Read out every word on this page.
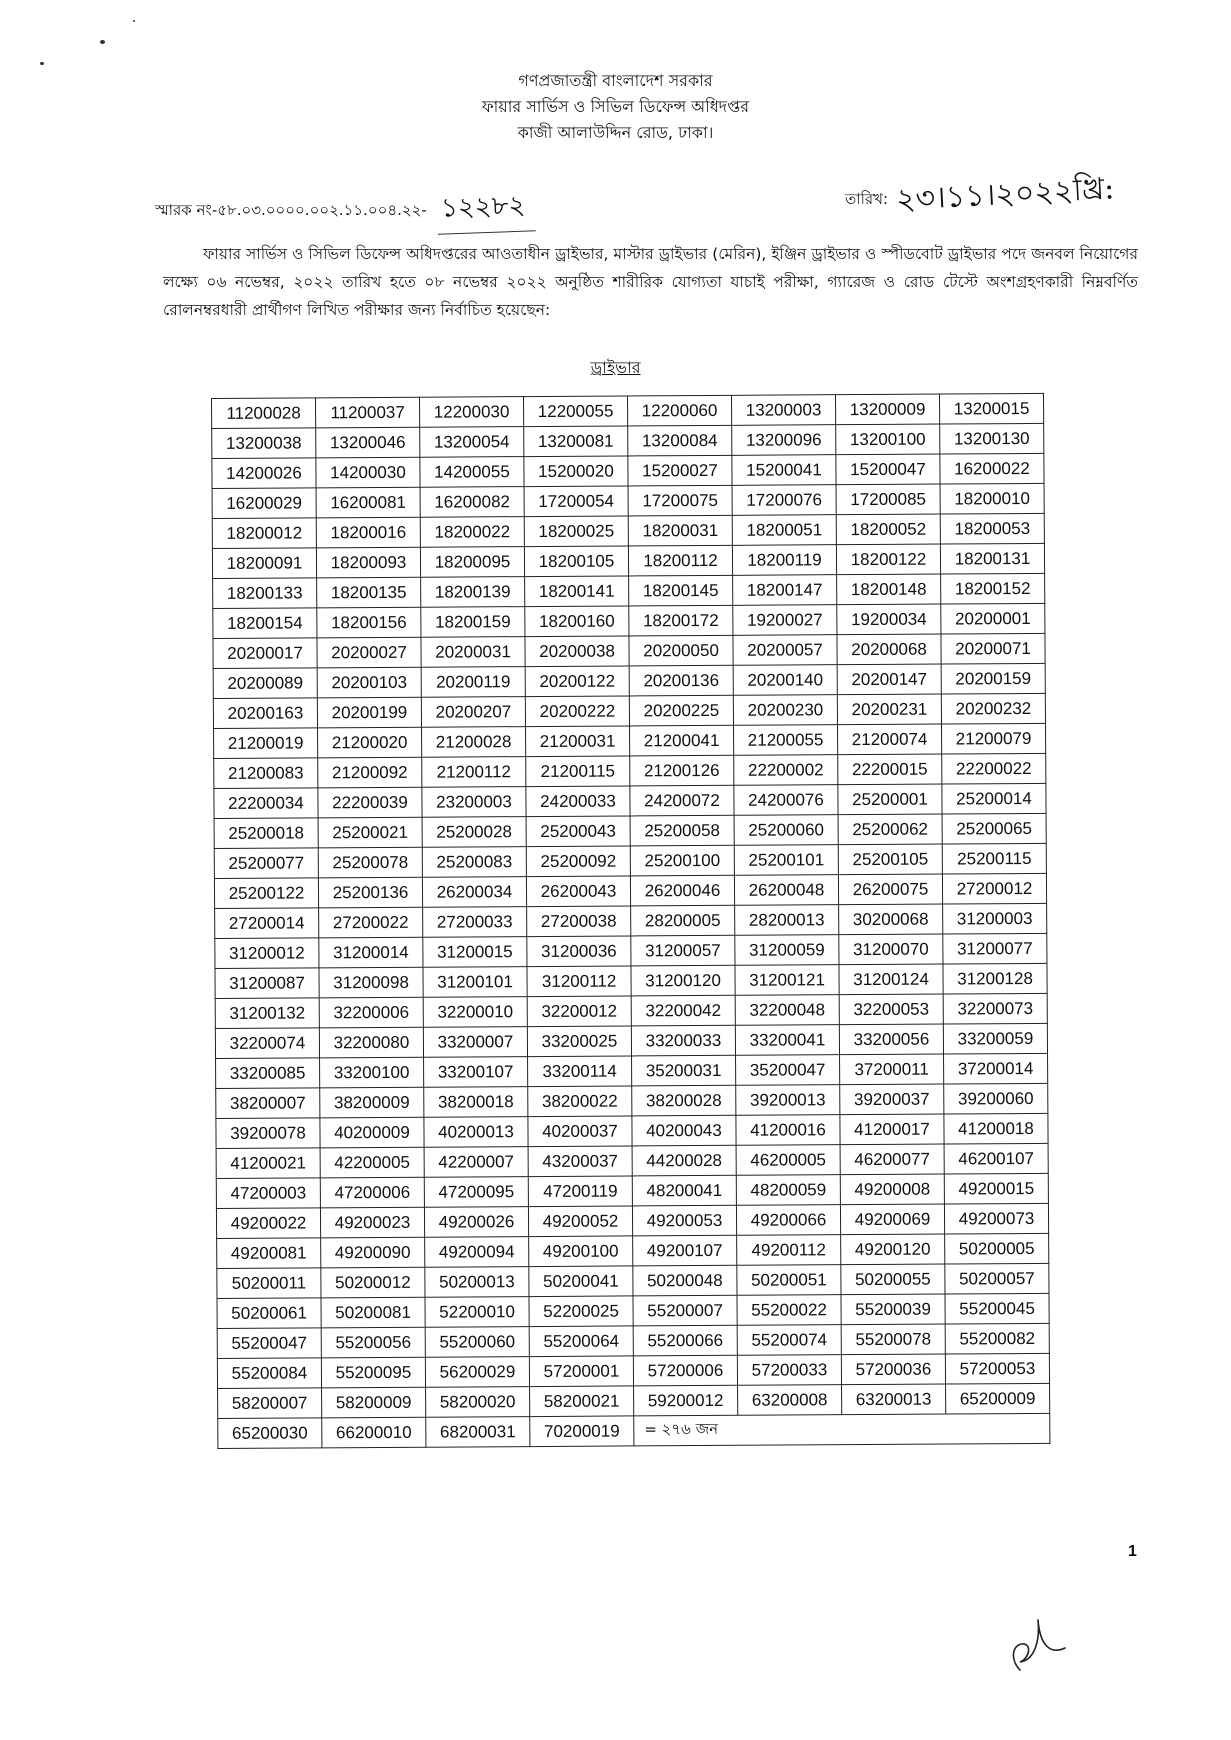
গণপ্রজাতন্ত্রী বাংলাদেশ সরকার
ফায়ার সার্ভিস ও সিভিল ডিফেন্স অধিদপ্তর
কাজী আলাউদ্দিন রোড, ঢাকা।
স্মারক নং-৫৮.০৩.০০০০.০০২.১১.০০৪.২২- ১২২৮২	তারিখ: ২৩।১১।২০২২খ্রি:
ফায়ার সার্ভিস ও সিভিল ডিফেন্স অধিদপ্তরের আওতাধীন ড্রাইভার, মাস্টার ড্রাইভার (মেরিন), ইঞ্জিন ড্রাইভার ও স্পীডবোট ড্রাইভার পদে জনবল নিয়োগের লক্ষ্যে ০৬ নভেম্বর, ২০২২ তারিখ হতে ০৮ নভেম্বর ২০২২ অনুষ্ঠিত শারীরিক যোগ্যতা যাচাই পরীক্ষা, গ্যারেজ ও রোড টেস্টে অংশগ্রহণকারী নিম্নবর্ণিত রোলনম্বরধারী প্রার্থীগণ লিখিত পরীক্ষার জন্য নির্বাচিত হয়েছেন:
ড্রাইভার
11200028	11200037	12200030	12200055	12200060	13200003	13200009	13200015
13200038	13200046	13200054	13200081	13200084	13200096	13200100	13200130
14200026	14200030	14200055	15200020	15200027	15200041	15200047	16200022
16200029	16200081	16200082	17200054	17200075	17200076	17200085	18200010
18200012	18200016	18200022	18200025	18200031	18200051	18200052	18200053
18200091	18200093	18200095	18200105	18200112	18200119	18200122	18200131
18200133	18200135	18200139	18200141	18200145	18200147	18200148	18200152
18200154	18200156	18200159	18200160	18200172	19200027	19200034	20200001
20200017	20200027	20200031	20200038	20200050	20200057	20200068	20200071
20200089	20200103	20200119	20200122	20200136	20200140	20200147	20200159
20200163	20200199	20200207	20200222	20200225	20200230	20200231	20200232
21200019	21200020	21200028	21200031	21200041	21200055	21200074	21200079
21200083	21200092	21200112	21200115	21200126	22200002	22200015	22200022
22200034	22200039	23200003	24200033	24200072	24200076	25200001	25200014
25200018	25200021	25200028	25200043	25200058	25200060	25200062	25200065
25200077	25200078	25200083	25200092	25200100	25200101	25200105	25200115
25200122	25200136	26200034	26200043	26200046	26200048	26200075	27200012
27200014	27200022	27200033	27200038	28200005	28200013	30200068	31200003
31200012	31200014	31200015	31200036	31200057	31200059	31200070	31200077
31200087	31200098	31200101	31200112	31200120	31200121	31200124	31200128
31200132	32200006	32200010	32200012	32200042	32200048	32200053	32200073
32200074	32200080	33200007	33200025	33200033	33200041	33200056	33200059
33200085	33200100	33200107	33200114	35200031	35200047	37200011	37200014
38200007	38200009	38200018	38200022	38200028	39200013	39200037	39200060
39200078	40200009	40200013	40200037	40200043	41200016	41200017	41200018
41200021	42200005	42200007	43200037	44200028	46200005	46200077	46200107
47200003	47200006	47200095	47200119	48200041	48200059	49200008	49200015
49200022	49200023	49200026	49200052	49200053	49200066	49200069	49200073
49200081	49200090	49200094	49200100	49200107	49200112	49200120	50200005
50200011	50200012	50200013	50200041	50200048	50200051	50200055	50200057
50200061	50200081	52200010	52200025	55200007	55200022	55200039	55200045
55200047	55200056	55200060	55200064	55200066	55200074	55200078	55200082
55200084	55200095	56200029	57200001	57200006	57200033	57200036	57200053
58200007	58200009	58200020	58200021	59200012	63200008	63200013	65200009
65200030	66200010	68200031	70200019	= ২৭৬ জন			
1
